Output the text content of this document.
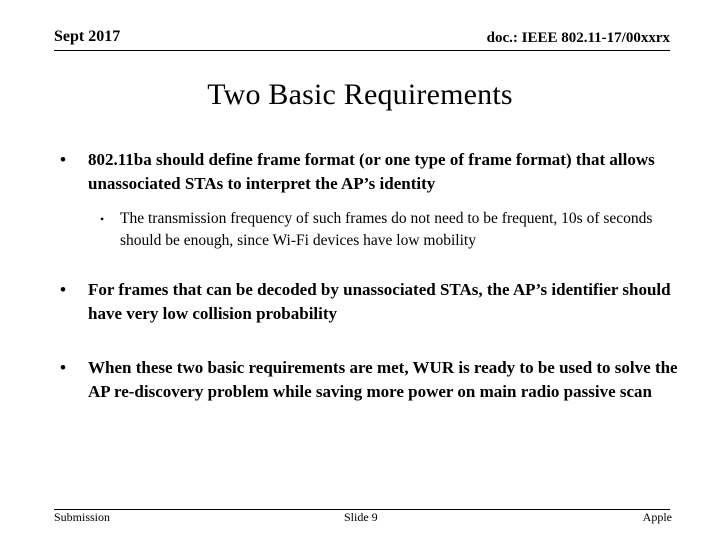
Sept 2017	doc.: IEEE 802.11-17/00xxrx
Two Basic Requirements
• 802.11ba should define frame format (or one type of frame format) that allows unassociated STAs to interpret the AP’s identity
• The transmission frequency of such frames do not need to be frequent, 10s of seconds should be enough, since Wi-Fi devices have low mobility
• For frames that can be decoded by unassociated STAs, the AP’s identifier should have very low collision probability
• When these two basic requirements are met, WUR is ready to be used to solve the AP re-discovery problem while saving more power on main radio passive scan
Submission	Slide 9	Apple
